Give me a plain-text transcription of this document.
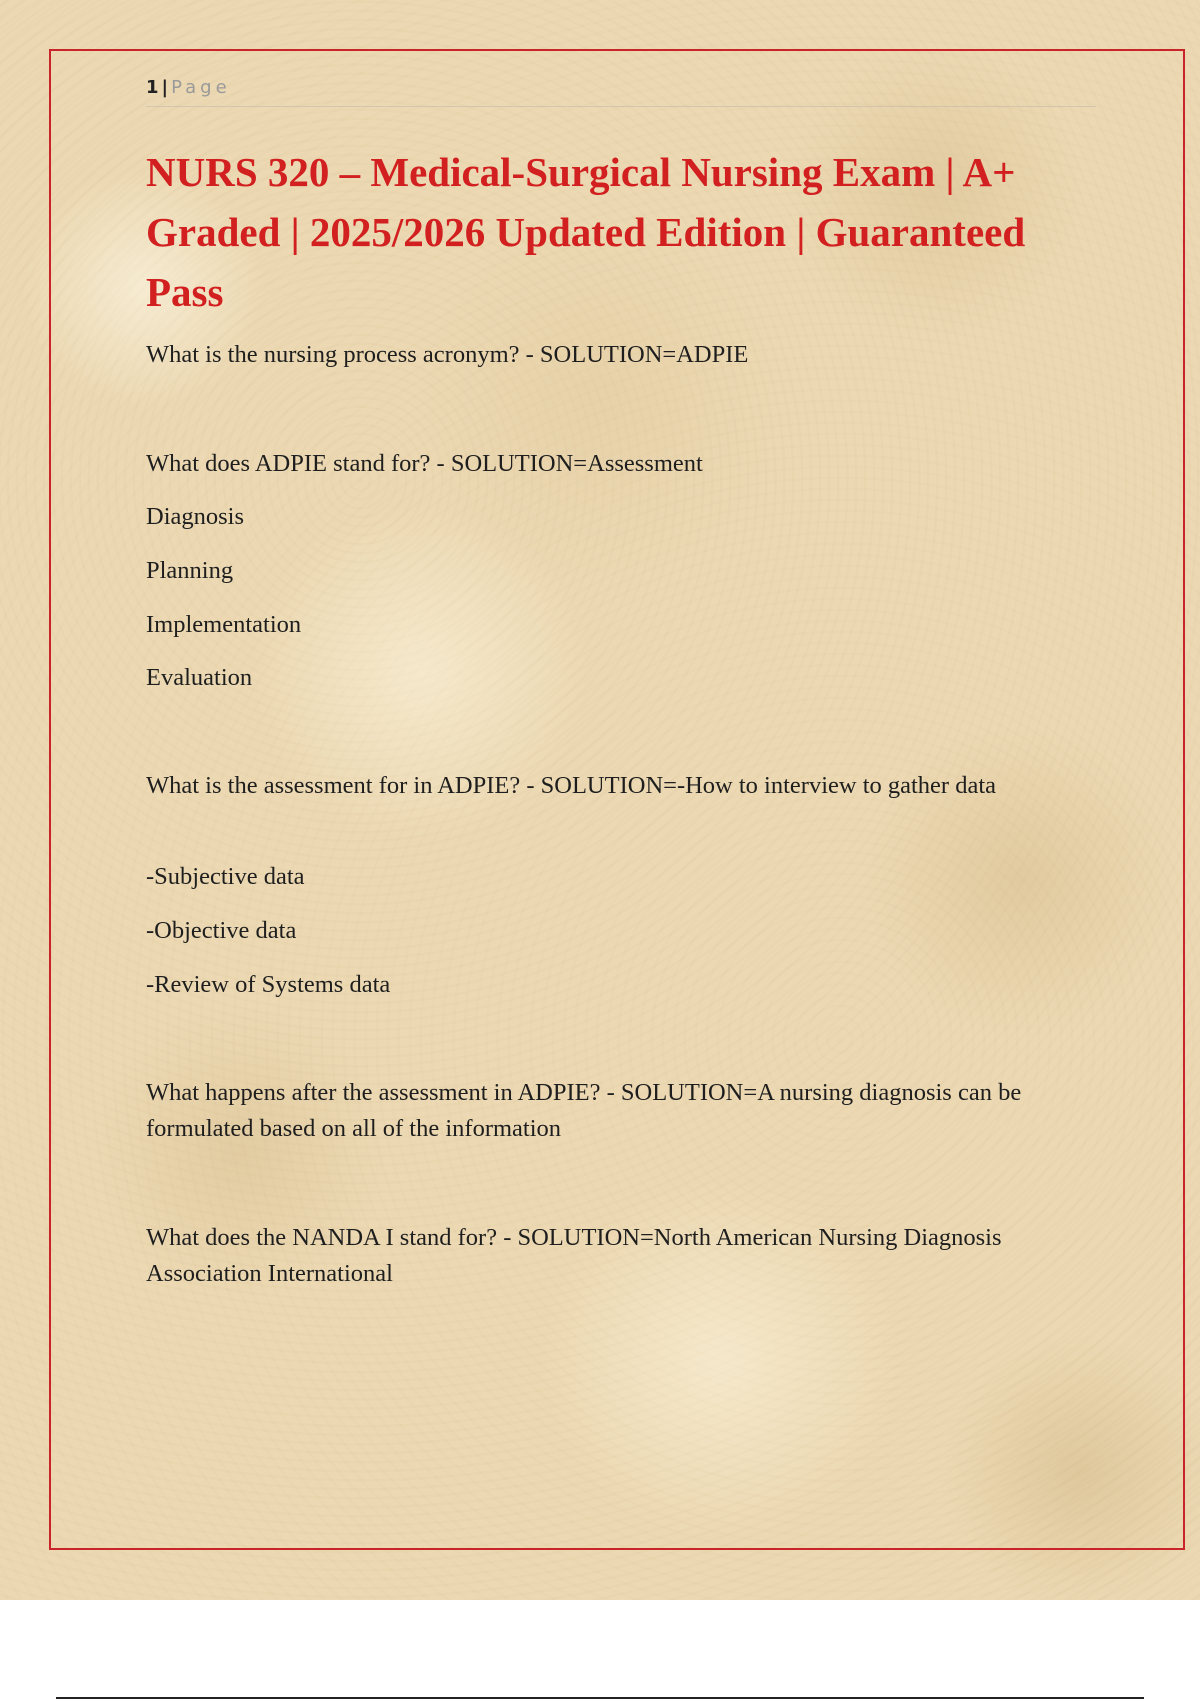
1 | Page
NURS 320 – Medical-Surgical Nursing Exam | A+ Graded | 2025/2026 Updated Edition | Guaranteed Pass

What is the nursing process acronym? - SOLUTION=ADPIE

What does ADPIE stand for? - SOLUTION=Assessment

Diagnosis

Planning

Implementation

Evaluation

What is the assessment for in ADPIE? - SOLUTION=-How to interview to gather data

-Subjective data

-Objective data

-Review of Systems data

What happens after the assessment in ADPIE? - SOLUTION=A nursing diagnosis can be formulated based on all of the information

What does the NANDA I stand for? - SOLUTION=North American Nursing Diagnosis Association International
